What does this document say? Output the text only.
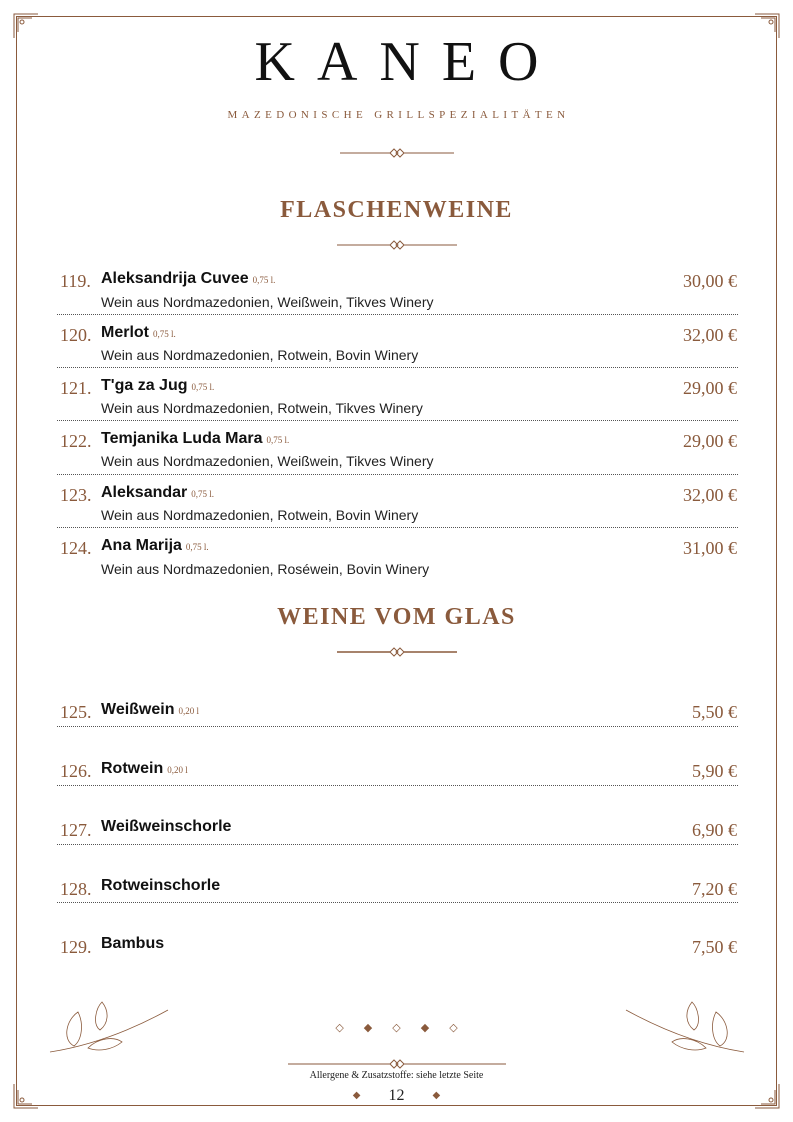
KANEO
MAZEDONISCHE GRILLSPEZIALITÄTEN
FLASCHENWEINE
119. Aleksandrija Cuvee 0,75 l.
Wein aus Nordmazedonien, Weißwein, Tikves Winery
30,00 €
120. Merlot 0,75 l.
Wein aus Nordmazedonien, Rotwein, Bovin Winery
32,00 €
121. T'ga za Jug 0,75 l.
Wein aus Nordmazedonien, Rotwein, Tikves Winery
29,00 €
122. Temjanika Luda Mara 0,75 l.
Wein aus Nordmazedonien, Weißwein, Tikves Winery
29,00 €
123. Aleksandar 0,75 l.
Wein aus Nordmazedonien, Rotwein, Bovin Winery
32,00 €
124. Ana Marija 0,75 l.
Wein aus Nordmazedonien, Roséwein, Bovin Winery
31,00 €
WEINE VOM GLAS
125. Weißwein 0,20 l	5,50 €
126. Rotwein 0,20 l	5,90 €
127. Weißweinschorle	6,90 €
128. Rotweinschorle	7,20 €
129. Bambus	7,50 €
◇ ◆ ◇ ◆ ◇
Allergene & Zusatzstoffe: siehe letzte Seite
◆ 12	◆
